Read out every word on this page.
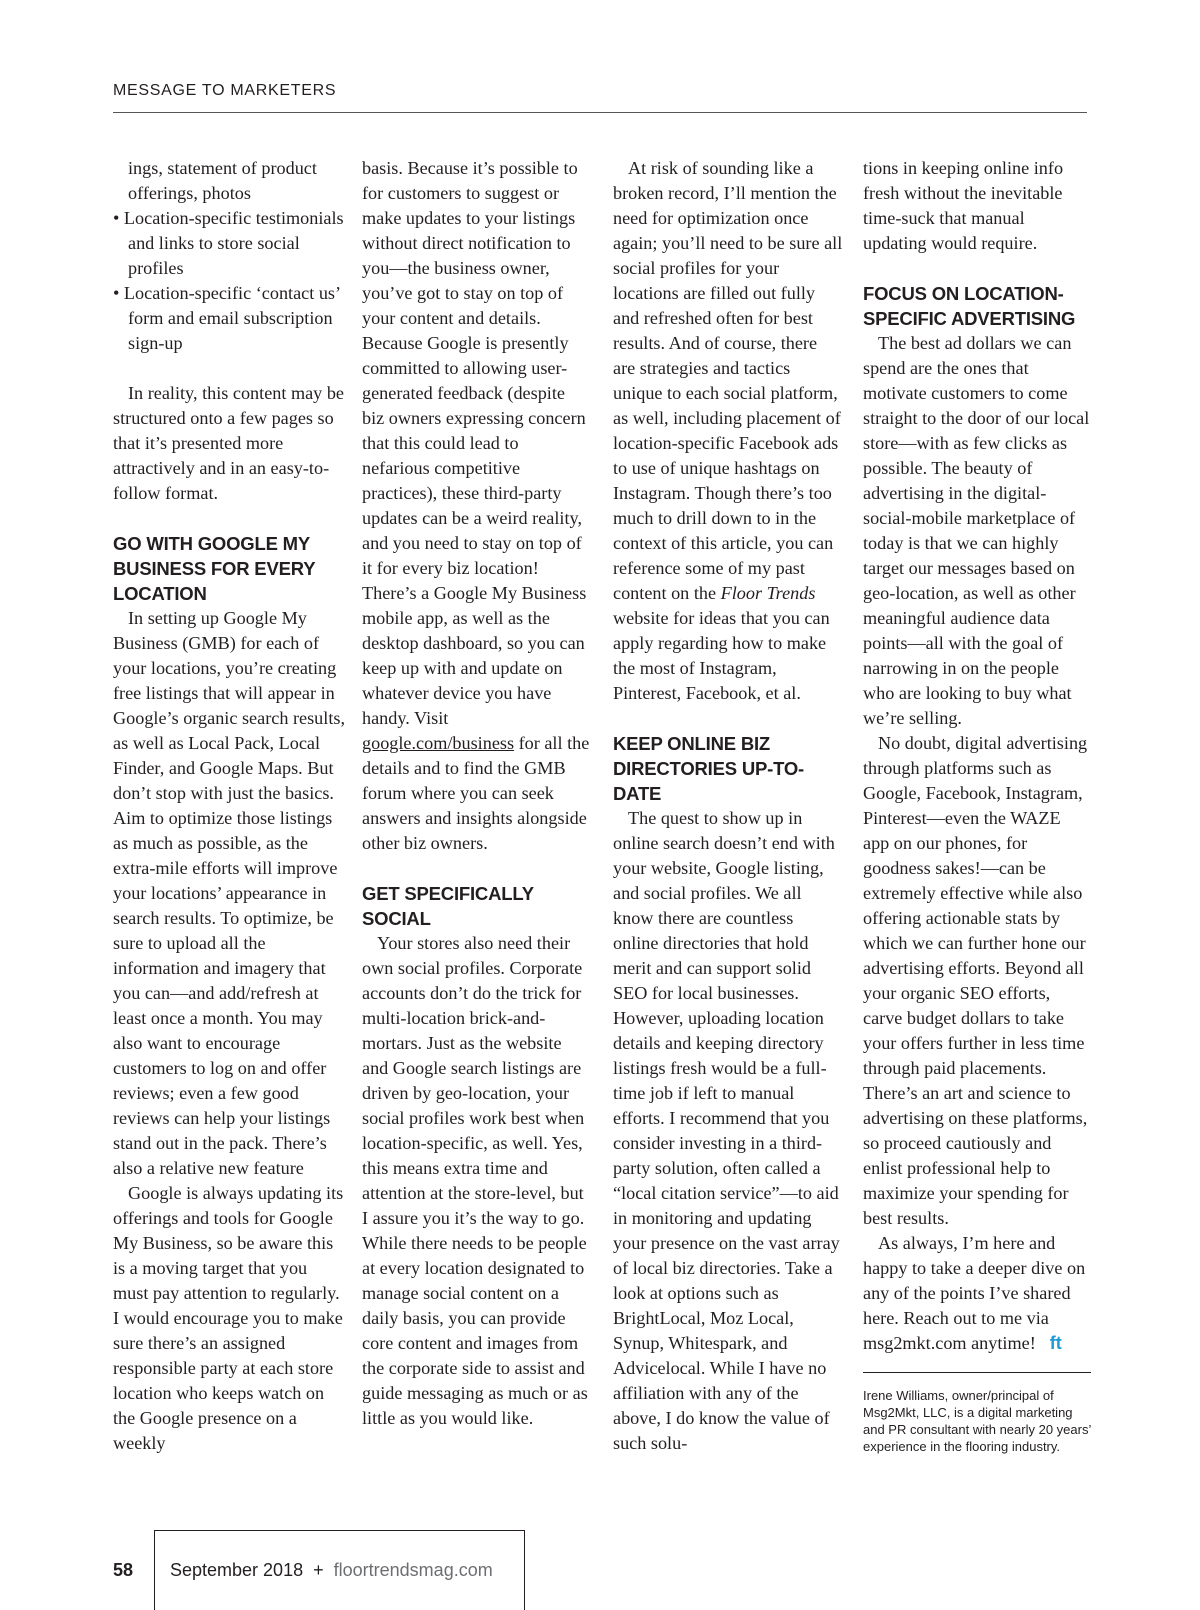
MESSAGE TO MARKETERS

ings, statement of product offerings, photos

• Location-specific testimonials and links to store social profiles

• Location-specific ‘contact us’ form and email subscription sign-up

In reality, this content may be structured onto a few pages so that it’s presented more attractively and in an easy-to-follow format.

GO WITH GOOGLE MY BUSINESS FOR EVERY LOCATION

In setting up Google My Business (GMB) for each of your locations, you’re creating free listings that will appear in Google’s organic search results, as well as Local Pack, Local Finder, and Google Maps. But don’t stop with just the basics. Aim to optimize those listings as much as possible, as the extra-mile efforts will improve your locations’ appearance in search results. To optimize, be sure to upload all the information and imagery that you can—and add/refresh at least once a month. You may also want to encourage customers to log on and offer reviews; even a few good reviews can help your listings stand out in the pack. There’s also a relative new feature

Google is always updating its offerings and tools for Google My Business, so be aware this is a moving target that you must pay attention to regularly. I would encourage you to make sure there’s an assigned responsible party at each store location who keeps watch on the Google presence on a weekly

basis. Because it’s possible to for customers to suggest or make updates to your listings without direct notification to you—the business owner, you’ve got to stay on top of your content and details. Because Google is presently committed to allowing user-generated feedback (despite biz owners expressing concern that this could lead to nefarious competitive practices), these third-party updates can be a weird reality, and you need to stay on top of it for every biz location! There’s a Google My Business mobile app, as well as the desktop dashboard, so you can keep up with and update on whatever device you have handy. Visit google.com/business for all the details and to find the GMB forum where you can seek answers and insights alongside other biz owners.

GET SPECIFICALLY SOCIAL

Your stores also need their own social profiles. Corporate accounts don’t do the trick for multi-location brick-and-mortars. Just as the website and Google search listings are driven by geo-location, your social profiles work best when location-specific, as well. Yes, this means extra time and attention at the store-level, but I assure you it’s the way to go. While there needs to be people at every location designated to manage social content on a daily basis, you can provide core content and images from the corporate side to assist and guide messaging as much or as little as you would like.

At risk of sounding like a broken record, I’ll mention the need for optimization once again; you’ll need to be sure all social profiles for your locations are filled out fully and refreshed often for best results. And of course, there are strategies and tactics unique to each social platform, as well, including placement of location-specific Facebook ads to use of unique hashtags on Instagram. Though there’s too much to drill down to in the context of this article, you can reference some of my past content on the Floor Trends website for ideas that you can apply regarding how to make the most of Instagram, Pinterest, Facebook, et al.

KEEP ONLINE BIZ DIRECTORIES UP-TO-DATE

The quest to show up in online search doesn’t end with your website, Google listing, and social profiles. We all know there are countless online directories that hold merit and can support solid SEO for local businesses. However, uploading location details and keeping directory listings fresh would be a full-time job if left to manual efforts. I recommend that you consider investing in a third-party solution, often called a “local citation service”—to aid in monitoring and updating your presence on the vast array of local biz directories. Take a look at options such as BrightLocal, Moz Local, Synup, Whitespark, and Advicelocal. While I have no affiliation with any of the above, I do know the value of such solu-

tions in keeping online info fresh without the inevitable time-suck that manual updating would require.

FOCUS ON LOCATION-SPECIFIC ADVERTISING

The best ad dollars we can spend are the ones that motivate customers to come straight to the door of our local store—with as few clicks as possible. The beauty of advertising in the digital-social-mobile marketplace of today is that we can highly target our messages based on geo-location, as well as other meaningful audience data points—all with the goal of narrowing in on the people who are looking to buy what we’re selling.

No doubt, digital advertising through platforms such as Google, Facebook, Instagram, Pinterest—even the WAZE app on our phones, for goodness sakes!—can be extremely effective while also offering actionable stats by which we can further hone our advertising efforts. Beyond all your organic SEO efforts, carve budget dollars to take your offers further in less time through paid placements. There’s an art and science to advertising on these platforms, so proceed cautiously and enlist professional help to maximize your spending for best results.

As always, I’m here and happy to take a deeper dive on any of the points I’ve shared here. Reach out to me via msg2mkt.com anytime! ft

Irene Williams, owner/principal of Msg2Mkt, LLC, is a digital marketing and PR consultant with nearly 20 years’ experience in the flooring industry.

58 September 2018 + floortrendsmag.com
